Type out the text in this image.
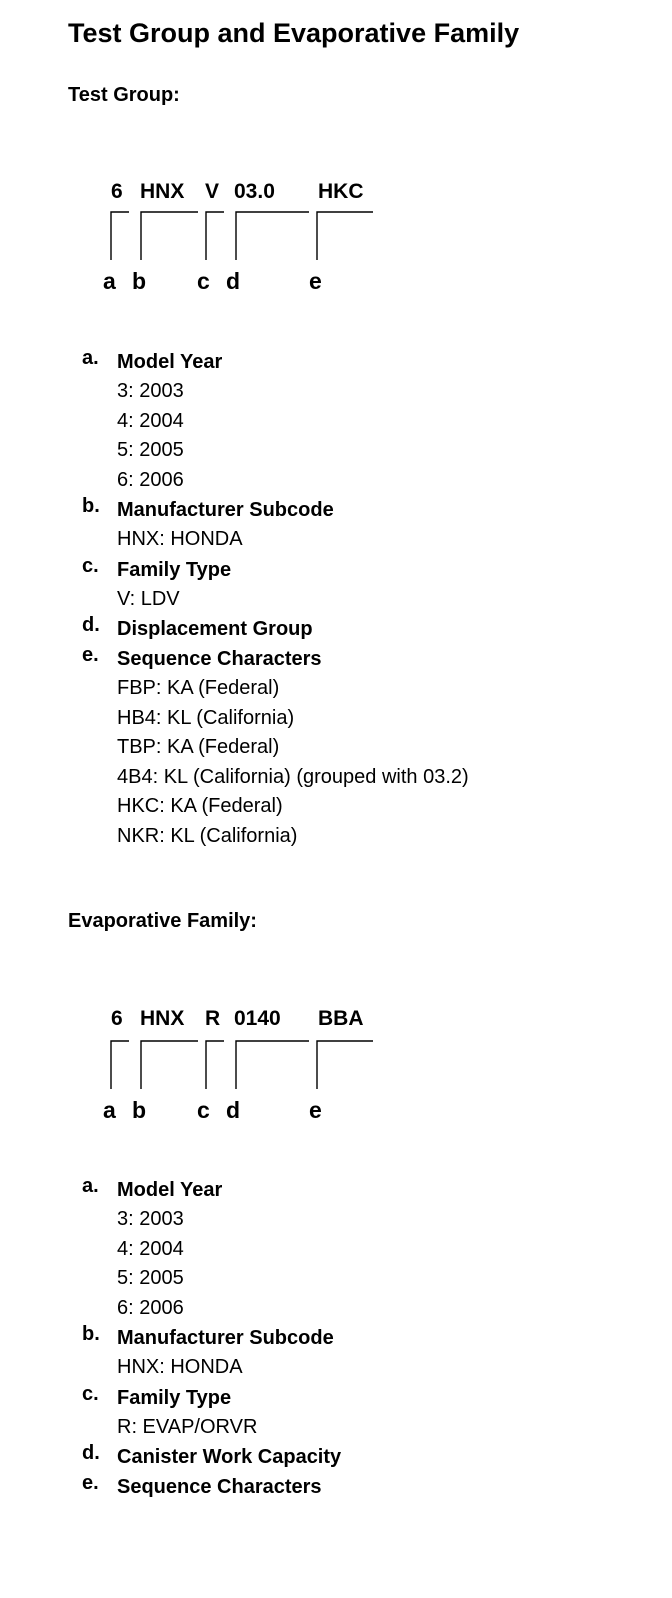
Test Group and Evaporative Family
Test Group:
6 HNX V 03.0 HKC
a b c d	e
a. Model Year
3: 2003
4: 2004
5: 2005
6: 2006
b. Manufacturer Subcode
HNX: HONDA
c. Family Type
V: LDV
d. Displacement Group
e. Sequence Characters
FBP: KA (Federal)
HB4: KL (California)
TBP: KA (Federal)
4B4: KL (California) (grouped with 03.2)
HKC: KA (Federal)
NKR: KL (California)
Evaporative Family:
6 HNX R 0140 BBA
a b c d	e
a. Model Year
3: 2003
4: 2004
5: 2005
6: 2006
b. Manufacturer Subcode
HNX: HONDA
c. Family Type
R: EVAP/ORVR
d. Canister Work Capacity
e. Sequence Characters
